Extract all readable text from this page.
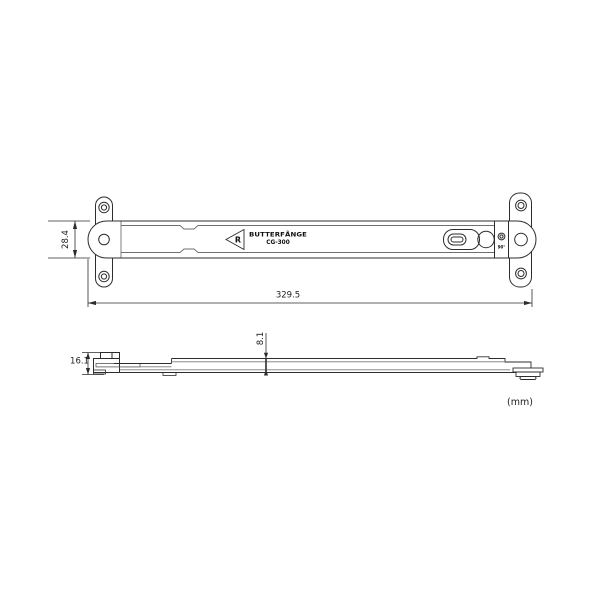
90°
R
BUTTERFÅNGE
CG-300
28.4
329.5
16.1
8.1
(mm)
